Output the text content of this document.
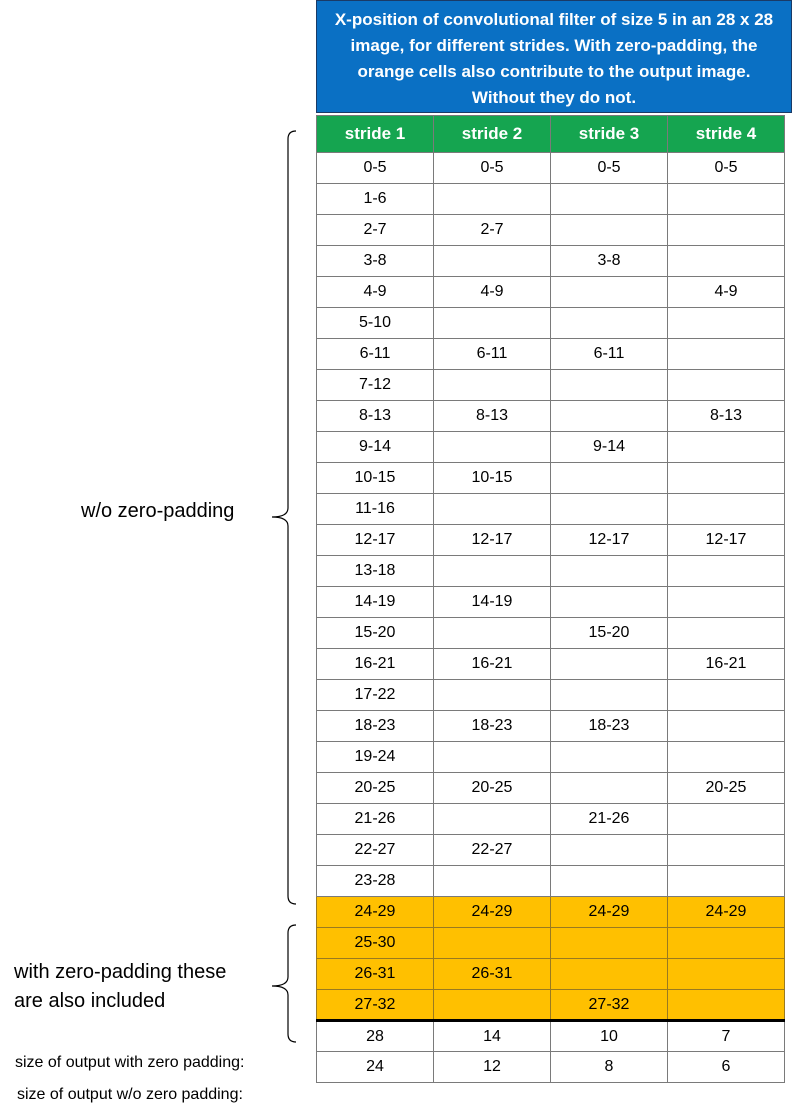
X-position of convolutional filter of size 5 in an 28 x 28 image, for different strides. With zero-padding, the orange cells also contribute to the output image. Without they do not.
stride 1	stride 2	stride 3	stride 4
0-5	0-5	0-5	0-5
1-6			
2-7	2-7		
3-8		3-8	
4-9	4-9		4-9
5-10			
6-11	6-11	6-11	
7-12			
8-13	8-13		8-13
9-14		9-14	
10-15	10-15		
11-16			
12-17	12-17	12-17	12-17
13-18			
14-19	14-19		
15-20		15-20	
16-21	16-21		16-21
17-22			
18-23	18-23	18-23	
19-24			
20-25	20-25		20-25
21-26		21-26	
22-27	22-27		
23-28			
24-29	24-29	24-29	24-29
25-30			
26-31	26-31		
27-32		27-32	
28	14	10	7
24	12	8	6
w/o zero-padding
with zero-padding these are also included
size of output with zero padding:
size of output w/o zero padding:
